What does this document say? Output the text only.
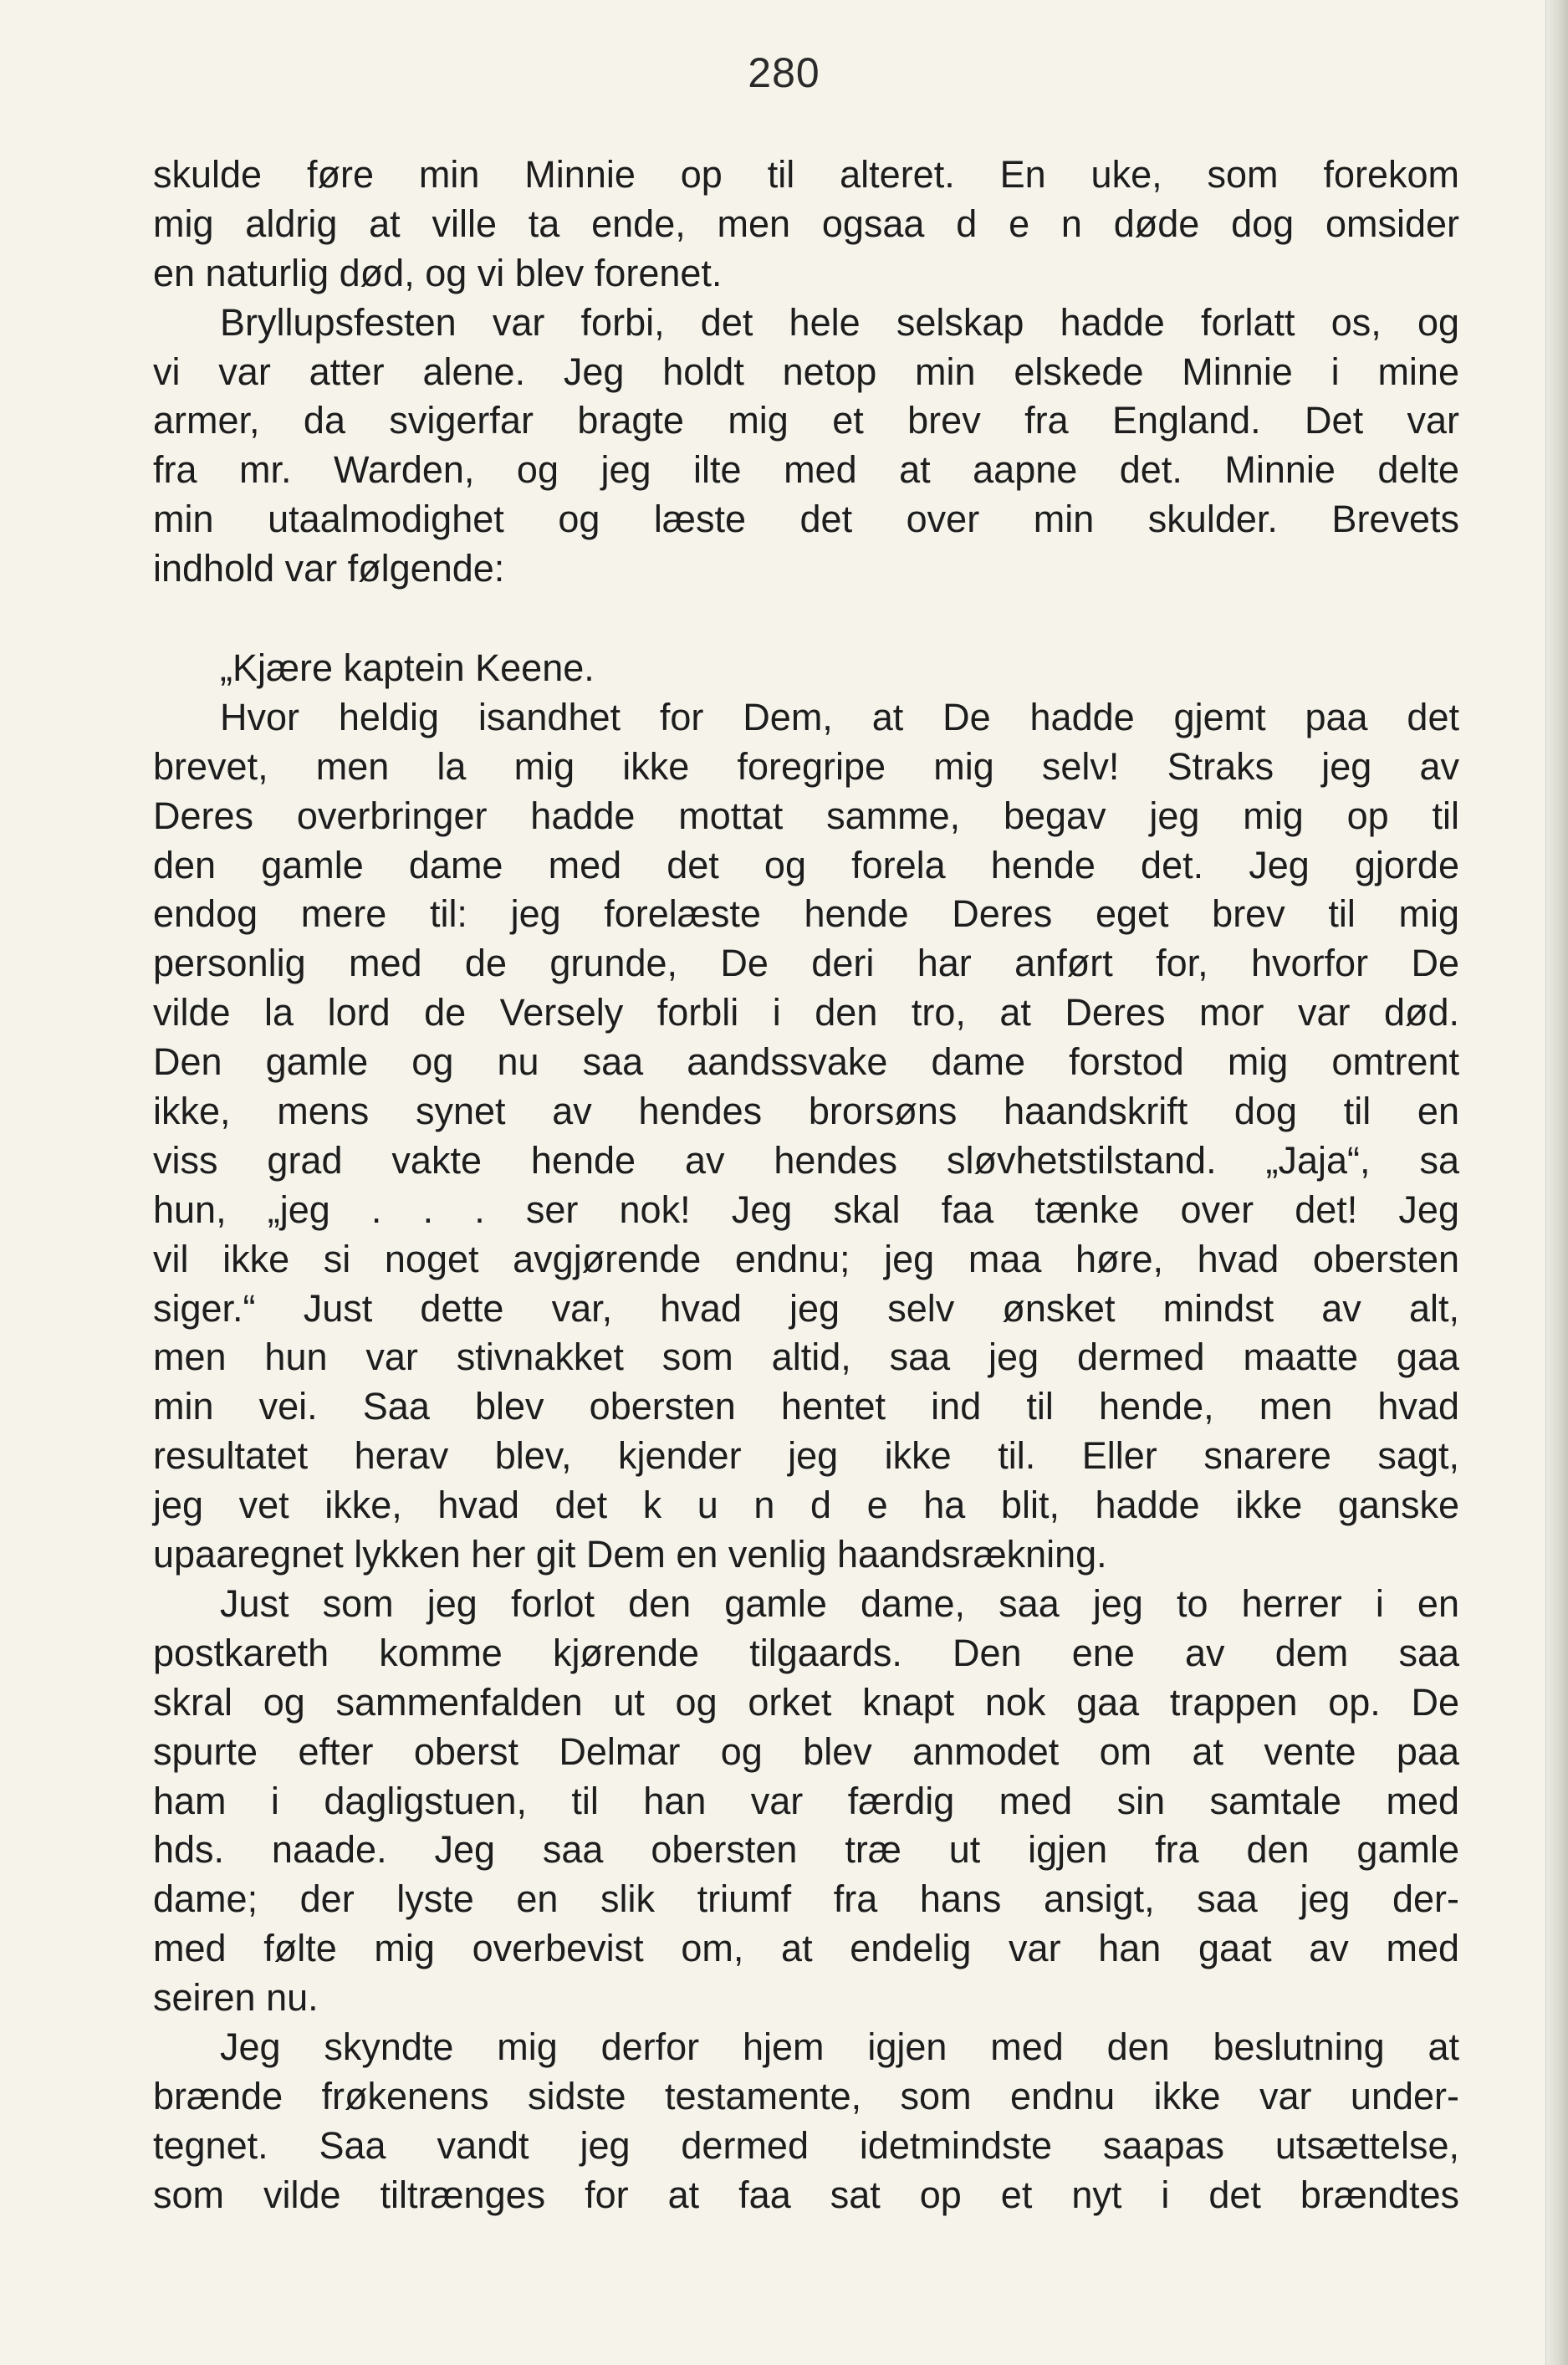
280

skulde føre min Minnie op til alteret. En uke, som forekom
mig aldrig at ville ta ende, men ogsaa d e n døde dog omsider
en naturlig død, og vi blev forenet.
Bryllupsfesten var forbi, det hele selskap hadde forlatt os, og
vi var atter alene. Jeg holdt netop min elskede Minnie i mine
armer, da svigerfar bragte mig et brev fra England. Det var
fra mr. Warden, og jeg ilte med at aapne det. Minnie delte
min utaalmodighet og læste det over min skulder. Brevets
indhold var følgende:
„Kjære kaptein Keene.
Hvor heldig isandhet for Dem, at De hadde gjemt paa det
brevet, men la mig ikke foregripe mig selv! Straks jeg av
Deres overbringer hadde mottat samme, begav jeg mig op til
den gamle dame med det og forela hende det. Jeg gjorde
endog mere til: jeg forelæste hende Deres eget brev til mig
personlig med de grunde, De deri har anført for, hvorfor De
vilde la lord de Versely forbli i den tro, at Deres mor var død.
Den gamle og nu saa aandssvake dame forstod mig omtrent
ikke, mens synet av hendes brorsøns haandskrift dog til en
viss grad vakte hende av hendes sløvhetstilstand. „Jaja“, sa
hun, „jeg . . . ser nok! Jeg skal faa tænke over det! Jeg
vil ikke si noget avgjørende endnu; jeg maa høre, hvad obersten
siger.“ Just dette var, hvad jeg selv ønsket mindst av alt,
men hun var stivnakket som altid, saa jeg dermed maatte gaa
min vei. Saa blev obersten hentet ind til hende, men hvad
resultatet herav blev, kjender jeg ikke til. Eller snarere sagt,
jeg vet ikke, hvad det k u n d e ha blit, hadde ikke ganske
upaaregnet lykken her git Dem en venlig haandsrækning.
Just som jeg forlot den gamle dame, saa jeg to herrer i en
postkareth komme kjørende tilgaards. Den ene av dem saa
skral og sammenfalden ut og orket knapt nok gaa trappen op. De
spurte efter oberst Delmar og blev anmodet om at vente paa
ham i dagligstuen, til han var færdig med sin samtale med
hds. naade. Jeg saa obersten træ ut igjen fra den gamle
dame; der lyste en slik triumf fra hans ansigt, saa jeg der-
med følte mig overbevist om, at endelig var han gaat av med
seiren nu.
Jeg skyndte mig derfor hjem igjen med den beslutning at
brænde frøkenens sidste testamente, som endnu ikke var under-
tegnet. Saa vandt jeg dermed idetmindste saapas utsættelse,
som vilde tiltrænges for at faa sat op et nyt i det brændtes
